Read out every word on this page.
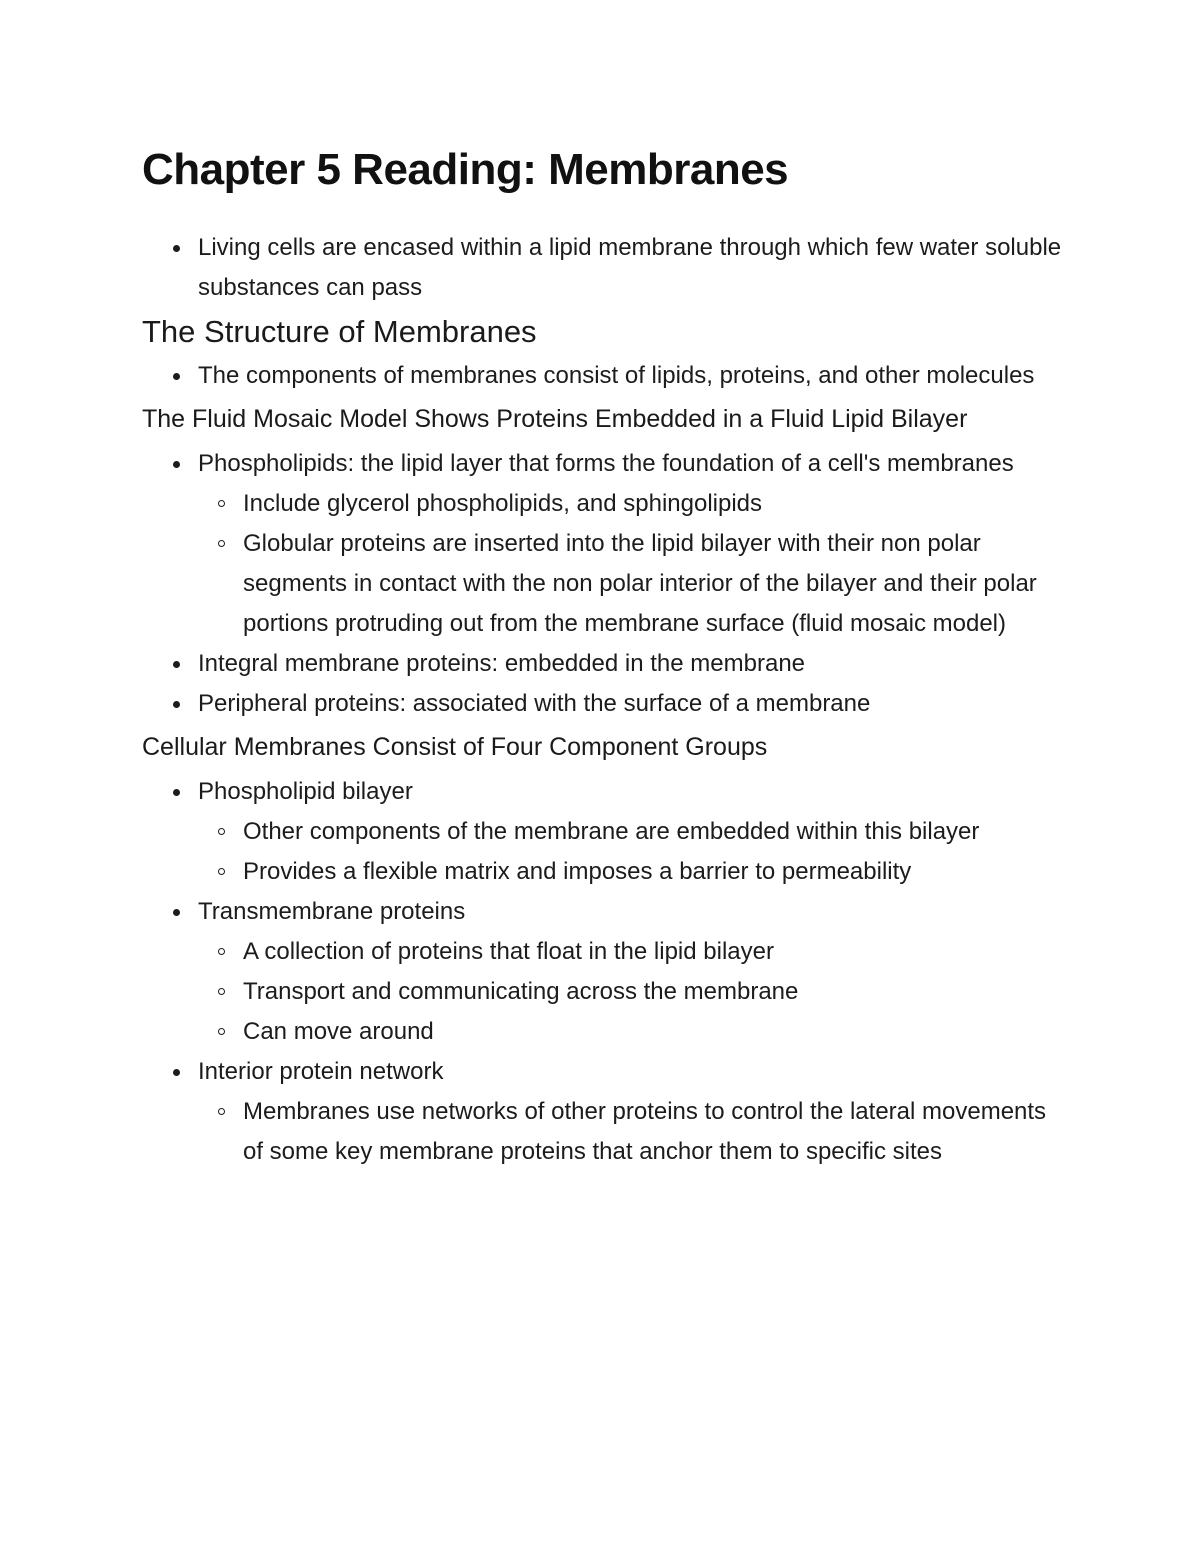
Chapter 5 Reading: Membranes
Living cells are encased within a lipid membrane through which few water soluble substances can pass
The Structure of Membranes
The components of membranes consist of lipids, proteins, and other molecules
The Fluid Mosaic Model Shows Proteins Embedded in a Fluid Lipid Bilayer
Phospholipids: the lipid layer that forms the foundation of a cell's membranes
Include glycerol phospholipids, and sphingolipids
Globular proteins are inserted into the lipid bilayer with their non polar segments in contact with the non polar interior of the bilayer and their polar portions protruding out from the membrane surface (fluid mosaic model)
Integral membrane proteins: embedded in the membrane
Peripheral proteins: associated with the surface of a membrane
Cellular Membranes Consist of Four Component Groups
Phospholipid bilayer
Other components of the membrane are embedded within this bilayer
Provides a flexible matrix and imposes a barrier to permeability
Transmembrane proteins
A collection of proteins that float in the lipid bilayer
Transport and communicating across the membrane
Can move around
Interior protein network
Membranes use networks of other proteins to control the lateral movements of some key membrane proteins that anchor them to specific sites
